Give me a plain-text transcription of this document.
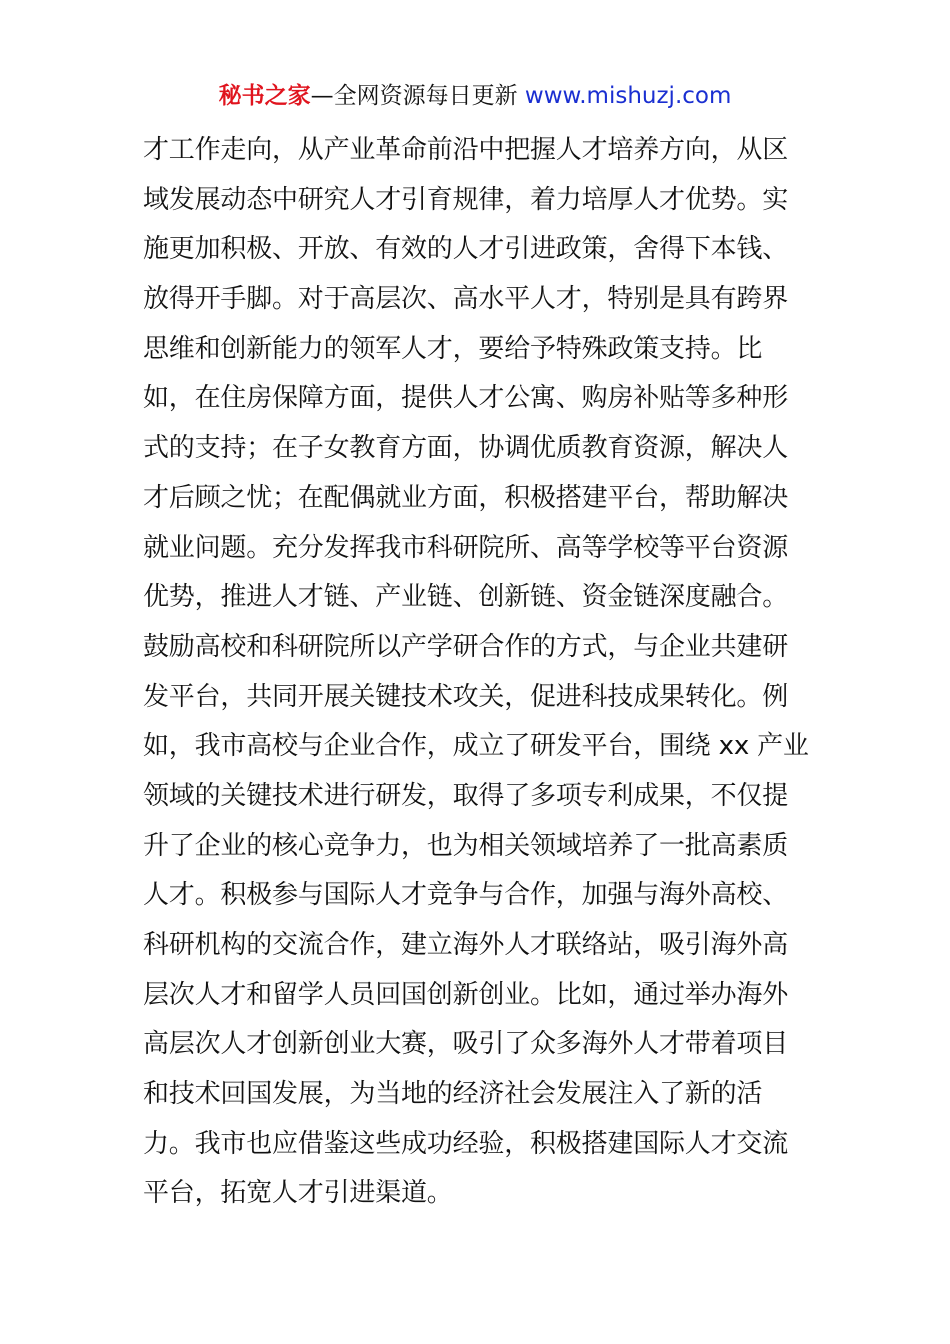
秘书之家—全网资源每日更新 www.mishuzj.com
才工作走向，从产业革命前沿中把握人才培养方向，从区
域发展动态中研究人才引育规律，着力培厚人才优势。实
施更加积极、开放、有效的人才引进政策，舍得下本钱、
放得开手脚。对于高层次、高水平人才，特别是具有跨界
思维和创新能力的领军人才，要给予特殊政策支持。比
如，在住房保障方面，提供人才公寓、购房补贴等多种形
式的支持；在子女教育方面，协调优质教育资源，解决人
才后顾之忧；在配偶就业方面，积极搭建平台，帮助解决
就业问题。充分发挥我市科研院所、高等学校等平台资源
优势，推进人才链、产业链、创新链、资金链深度融合。
鼓励高校和科研院所以产学研合作的方式，与企业共建研
发平台，共同开展关键技术攻关，促进科技成果转化。例
如，我市高校与企业合作，成立了研发平台，围绕 xx 产业
领域的关键技术进行研发，取得了多项专利成果，不仅提
升了企业的核心竞争力，也为相关领域培养了一批高素质
人才。积极参与国际人才竞争与合作，加强与海外高校、
科研机构的交流合作，建立海外人才联络站，吸引海外高
层次人才和留学人员回国创新创业。比如，通过举办海外
高层次人才创新创业大赛，吸引了众多海外人才带着项目
和技术回国发展，为当地的经济社会发展注入了新的活
力。我市也应借鉴这些成功经验，积极搭建国际人才交流
平台，拓宽人才引进渠道。
